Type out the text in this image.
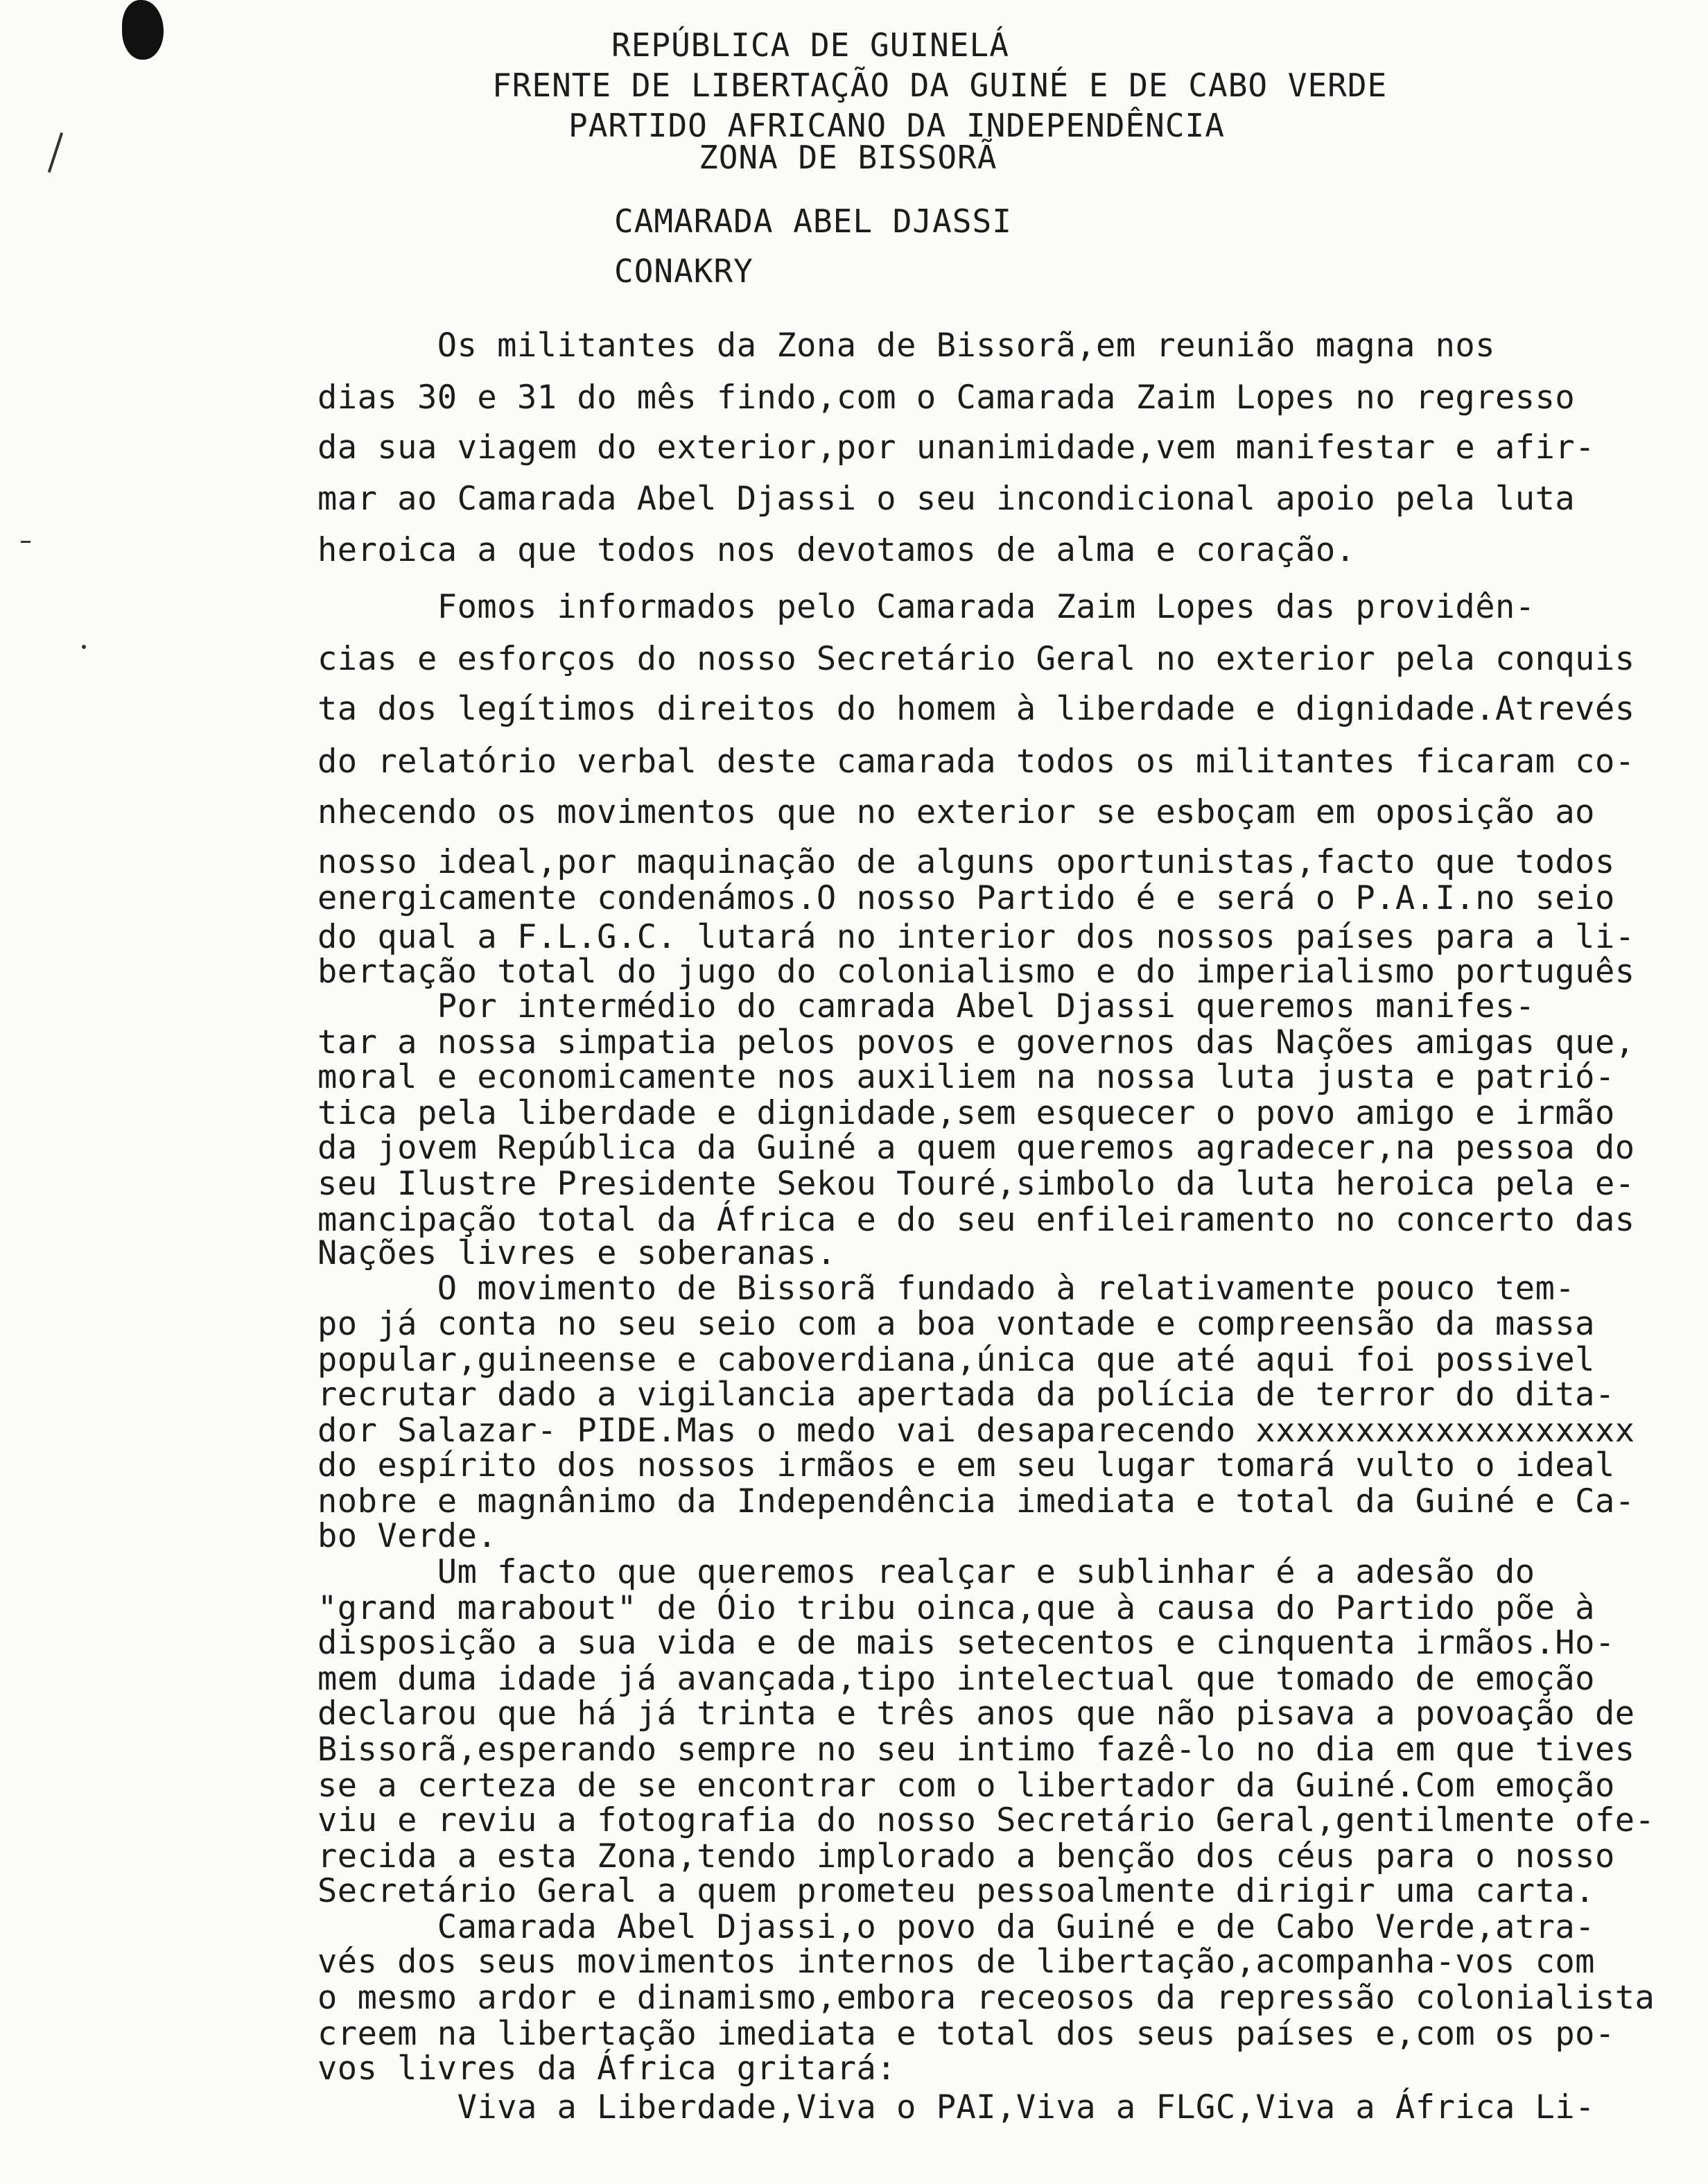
REPÚBLICA DE GUINELÁ
FRENTE DE LIBERTAÇÃO DA GUINÉ E DE CABO VERDE
PARTIDO AFRICANO DA INDEPENDÊNCIA
ZONA DE BISSORÃ
CAMARADA ABEL DJASSI
CONAKRY
Os militantes da Zona de Bissorã,em reunião magna nos
dias 30 e 31 do mês findo,com o Camarada Zaim Lopes no regresso
da sua viagem do exterior,por unanimidade,vem manifestar e afir-
mar ao Camarada Abel Djassi o seu incondicional apoio pela luta
heroica a que todos nos devotamos de alma e coração.
Fomos informados pelo Camarada Zaim Lopes das providên-
cias e esforços do nosso Secretário Geral no exterior pela conquis
ta dos legítimos direitos do homem à liberdade e dignidade.Atrevés
do relatório verbal deste camarada todos os militantes ficaram co-
nhecendo os movimentos que no exterior se esboçam em oposição ao
nosso ideal,por maquinação de alguns oportunistas,facto que todos
energicamente condenámos.O nosso Partido é e será o P.A.I.no seio
do qual a F.L.G.C. lutará no interior dos nossos países para a li-
bertação total do jugo do colonialismo e do imperialismo português
Por intermédio do camrada Abel Djassi queremos manifes-
tar a nossa simpatia pelos povos e governos das Nações amigas que,
moral e economicamente nos auxiliem na nossa luta justa e patrió-
tica pela liberdade e dignidade,sem esquecer o povo amigo e irmão
da jovem República da Guiné a quem queremos agradecer,na pessoa do
seu Ilustre Presidente Sekou Touré,simbolo da luta heroica pela e-
mancipação total da África e do seu enfileiramento no concerto das
Nações livres e soberanas.
O movimento de Bissorã fundado à relativamente pouco tem-
po já conta no seu seio com a boa vontade e compreensão da massa
popular,guineense e caboverdiana,única que até aqui foi possivel
recrutar dado a vigilancia apertada da polícia de terror do dita-
dor Salazar- PIDE.Mas o medo vai desaparecendo xxxxxxxxxxxxxxxxxxx
do espírito dos nossos irmãos e em seu lugar tomará vulto o ideal
nobre e magnânimo da Independência imediata e total da Guiné e Ca-
bo Verde.
Um facto que queremos realçar e sublinhar é a adesão do
"grand marabout" de Óio tribu oinca,que à causa do Partido põe à
disposição a sua vida e de mais setecentos e cinquenta irmãos.Ho-
mem duma idade já avançada,tipo intelectual que tomado de emoção
declarou que há já trinta e três anos que não pisava a povoação de
Bissorã,esperando sempre no seu intimo fazê-lo no dia em que tives
se a certeza de se encontrar com o libertador da Guiné.Com emoção
viu e reviu a fotografia do nosso Secretário Geral,gentilmente ofe-
recida a esta Zona,tendo implorado a benção dos céus para o nosso
Secretário Geral a quem prometeu pessoalmente dirigir uma carta.
Camarada Abel Djassi,o povo da Guiné e de Cabo Verde,atra-
vés dos seus movimentos internos de libertação,acompanha-vos com
o mesmo ardor e dinamismo,embora receosos da repressão colonialista
creem na libertação imediata e total dos seus países e,com os po-
vos livres da África gritará:
Viva a Liberdade,Viva o PAI,Viva a FLGC,Viva a África Li-
